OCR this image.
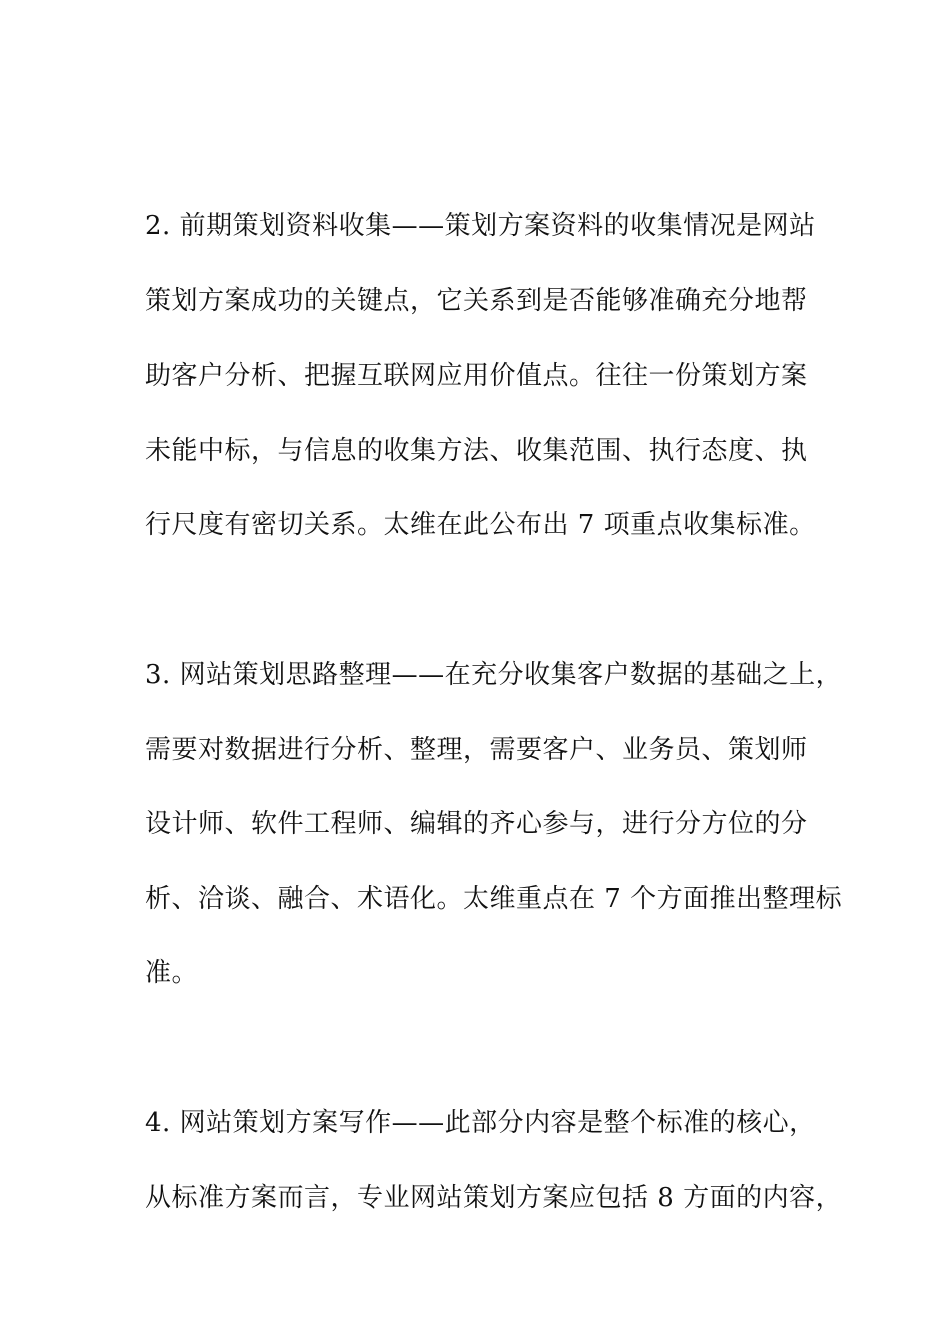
2. 前期策划资料收集——策划方案资料的收集情况是网站

策划方案成功的关键点，它关系到是否能够准确充分地帮

助客户分析、把握互联网应用价值点。往往一份策划方案

未能中标，与信息的收集方法、收集范围、执行态度、执

行尺度有密切关系。太维在此公布出 7 项重点收集标准。

3. 网站策划思路整理——在充分收集客户数据的基础之上，

需要对数据进行分析、整理，需要客户、业务员、策划师

设计师、软件工程师、编辑的齐心参与，进行分方位的分

析、洽谈、融合、术语化。太维重点在 7 个方面推出整理标

准。

4. 网站策划方案写作——此部分内容是整个标准的核心，

从标准方案而言，专业网站策划方案应包括 8 方面的内容，
